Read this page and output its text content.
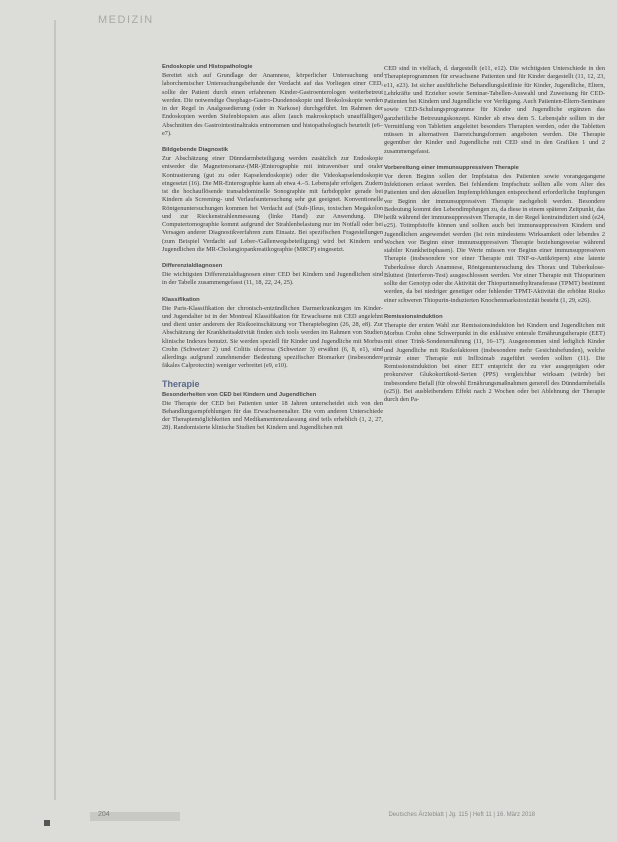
MEDIZIN
Endoskopie und Histopathologie

Bereitet sich auf Grundlage der Anamnese, körperlicher Untersuchung und laborchemischer Untersuchungsbefunde der Verdacht auf das Vorliegen einer CED, sollte der Patient durch einen erfahrenen Kinder-Gastroenterologen weiterbetreut werden. Die notwendige Ösophago-Gastro-Duodenoskopie und Ileokoloskopie werden in der Regel in Analgosedierung (oder in Narkose) durchgeführt. Im Rahmen der Endoskopien werden Stufenbiopsien aus allen (auch makroskopisch unauffälligen) Abschnitten des Gastrointestinaltrakts entnommen und histopathologisch beurteilt (e6–e7).

Bildgebende Diagnostik

Zur Abschätzung einer Dünndarmbeteiligung werden zusätzlich zur Endoskopie entweder die Magnetresonanz-(MR-)Enterographie mit intravenöser und oraler Kontrastierung (gut zu oder Kapselendoskopie) oder die Videokapselendoskopie eingesetzt (16). Die MR-Enterographie kann ab etwa 4.–5. Lebensjahr erfolgen. Zudem ist die hochauflösende transabdominelle Sonographie mit farbdoppler gerade bei Kindern als Screening- und Verlaufsuntersuchung sehr gut geeignet. Konventionelle Röntgenuntersuchungen kommen bei Verdacht auf (Sub-)Ileus, toxischen Megakolon und zur Rieckenstrahlenmessung (linke Hand) zur Anwendung. Die Computertomographie kommt aufgrund der Strahlenbelastung nur im Notfall oder bei Versagen anderer Diagnostikverfahren zum Einsatz. Bei spezifischen Fragestellungen (zum Beispiel Verdacht auf Leber-/Gallenwegsbeteiligung) wird bei Kindern und Jugendlichen die MR-Cholangiopankreatikographie (MRCP) eingesetzt.

Differenzialdiagnosen

Die wichtigsten Differenzialdiagnosen einer CED bei Kindern und Jugendlichen sind in der Tabelle zusammengefasst (11, 18, 22, 24, 25).

Klassifikation

Die Paris-Klassifikation der chronisch-entzündlichen Darmerkrankungen im Kinder- und Jugendalter ist in der Montreal Klassifikation für Erwachsene mit CED angelehnt und dient unter anderem der Risikoeinschätzung vor Therapiebeginn (26, 28, e8). Zur Abschätzung der Krankheitsaktivität finden sich tools werden im Rahmen von Studien klinische Indexes benutzt. Sie werden speziell für Kinder und Jugendliche mit Morbus Crohn (Schweizer 2) und Colitis ulcerosa (Schweizer 3) erwähnt (6, 8, e1), sind allerdings aufgrund zunehmender Bedeutung spezifischer Biomarker (insbesondere fäkales Calprotectin) weniger verbreitet (e9, e10).

Therapie
Besonderheiten von CED bei Kindern und Jugendlichen

Die Therapie der CED bei Patienten unter 18 Jahren unterscheidet sich von den Behandlungsempfehlungen für das Erwachsenenalter. Die vom anderen Unterschiede der Therapiemöglichkeiten und Medikamentenzulassung sind teils erheblich (1, 2, 27, 28). Randomisierte klinische Studien bei Kindern und Jugendlichen mit

CED sind in vielfach, d. dargestellt (e11, e12). Die wichtigsten Unterschiede in den Therapieprogrammen für erwachsene Patienten und für Kinder dargestellt (11, 12, 23, e11, e23). Ist sicher ausführliche Behandlungsleitlinie für Kinder, Jugendliche, Eltern, Lehrkräfte und Erzieher sowie Seminar-Tabellen-Auswahl und Zuweisung für CED-Patienten bei Kindern und Jugendliche vor Verfügung. Auch Patienten-Eltern-Seminare sowie CED-Schulungsprogramme für Kinder und Jugendliche ergänzen das ganzheitliche Betreuungskonzept. Kinder ab etwa dem 5. Lebensjahr sollten in der Vermittlung von Tabletten angeleitet besonders Therapien werden, oder die Tabletten müssen in alternativen Darreichungsformen angeboten werden. Die Therapie gegenüber der Kinder und Jugendliche mit CED sind in den Grafiken 1 und 2 zusammengefasst.

Vorbereitung einer immunsuppressiven Therapie

Vor deren Beginn sollen der Impfstatus des Patienten sowie vorangegangene Infektionen erfasst werden. Bei fehlendem Impfschutz sollten alle vom Alter des Patienten und den aktuellen Impfempfehlungen entsprechend erforderliche Impfungen vor Beginn der immunsuppressiven Therapie nachgeholt werden. Besondere Bedeutung kommt den Lebendimpfungen zu, da diese in einem späteren Zeitpunkt, das heißt während der immunsuppressiven Therapie, in der Regel kontraindiziert sind (e24, e25). Totimpfstoffe können und sollten auch bei immunsuppressiven Kindern und Jugendlichen angewendet werden (Ist rein mindestens Wirksamkeit oder lebendes 2 Wochen vor Beginn einer immunsuppressiven Therapie beziehungsweise während stabiler Krankheitsphasen). Die Werte müssen vor Beginn einer immunsuppressiven Therapie (insbesondere vor einer Therapie mit TNF-α-Antikörpern) eine latente Tuberkulose durch Anamnese, Röntgenuntersuchung des Thorax und Tuberkulose-Bluttest (Interferon-Test) ausgeschlossen werden. Vor einer Therapie mit Thiopurinen sollte der Genotyp oder die Aktivität der Thiopurinmethyltransferase (TPMT) bestimmt werden, da bei niedriger genetiger oder fehlender TPMT-Aktivität die erhöhte Risiko einer schweren Thiopurin-induzierten Knochenmarkstoxizität besteht (1, 29, e26).

Remissionsinduktion

Therapie der ersten Wahl zur Remissionsinduktion bei Kindern und Jugendlichen mit Morbus Crohn ohne Schwerpunkt in die exklusive enterale Ernährungstherapie (EET) mit einer Trink-Sondenernährung (11, 16–17). Ausgenommen sind lediglich Kinder und Jugendliche mit Risikofaktoren (insbesondere mehr Gesichtsbefunden), welche primär einer Therapie mit Infliximab zugeführt werden sollten (11). Die Remissionsinduktion bei einer EET entspricht der zu vier ausgeprägten oder prokursiver Glukokortikoid-Serien (PPS) vergleichbar wirksam (würde) bei insbesondere Befall (für obwohl Ernährungsmaßnahmen generell des Dünndarmbefalls (e25)). Bei ausbleibendem Effekt nach 2 Wochen oder bei Ablehnung der Therapie durch den Pa-

204	Deutsches Ärzteblatt | Jg. 115 | Heft 11 | 16. März 2018
